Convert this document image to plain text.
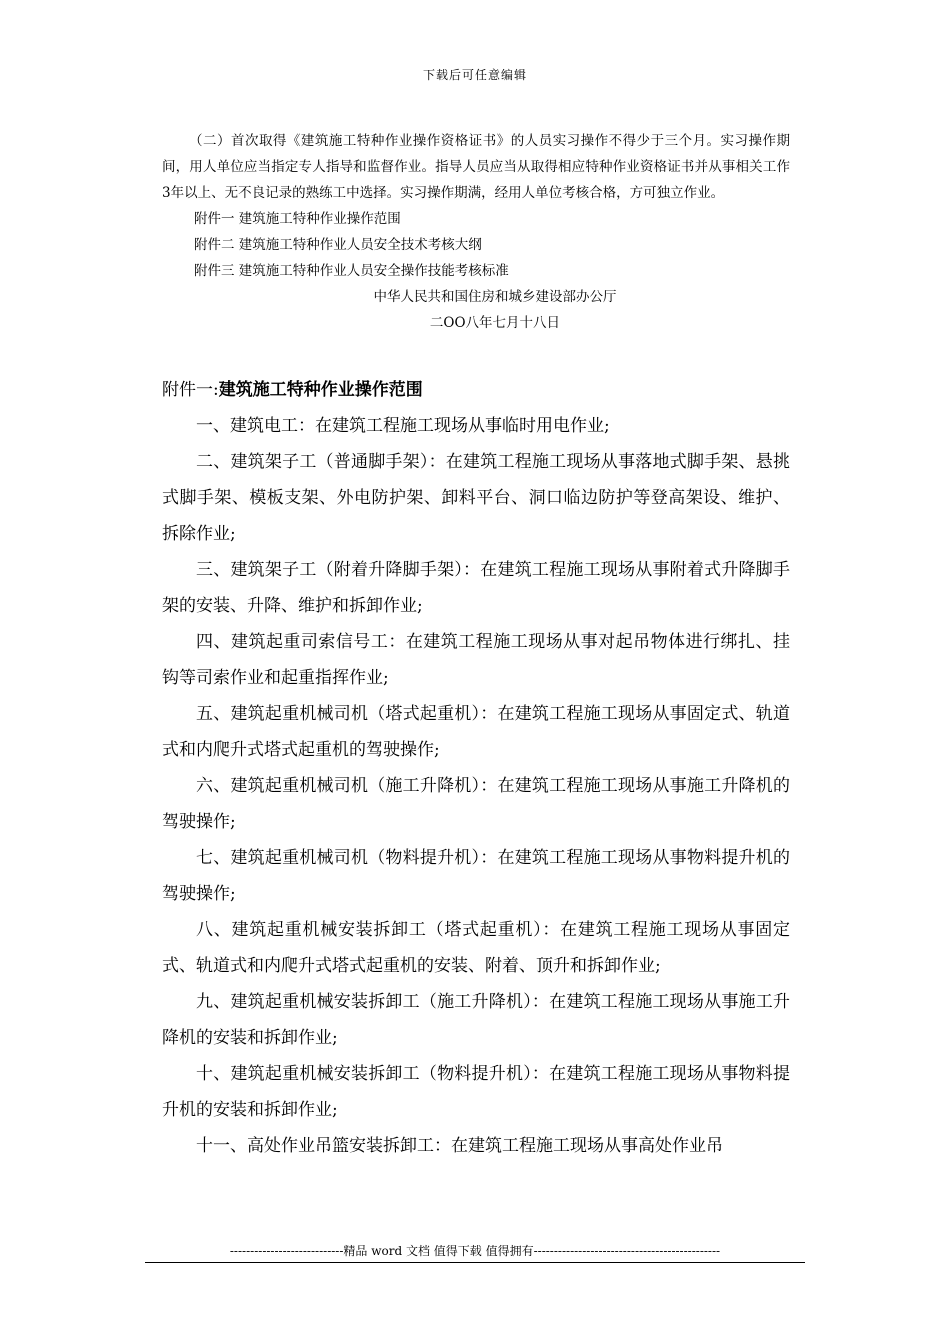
下载后可任意编辑

（二）首次取得《建筑施工特种作业操作资格证书》的人员实习操作不得少于三个月。实习操作期间，用人单位应当指定专人指导和监督作业。指导人员应当从取得相应特种作业资格证书并从事相关工作3年以上、无不良记录的熟练工中选择。实习操作期满，经用人单位考核合格，方可独立作业。

附件一 建筑施工特种作业操作范围

附件二 建筑施工特种作业人员安全技术考核大纲

附件三 建筑施工特种作业人员安全操作技能考核标准

中华人民共和国住房和城乡建设部办公厅

二OO八年七月十八日

附件一:建筑施工特种作业操作范围

一、建筑电工：在建筑工程施工现场从事临时用电作业;

二、建筑架子工（普通脚手架）：在建筑工程施工现场从事落地式脚手架、悬挑式脚手架、模板支架、外电防护架、卸料平台、洞口临边防护等登高架设、维护、拆除作业;

三、建筑架子工（附着升降脚手架）：在建筑工程施工现场从事附着式升降脚手架的安装、升降、维护和拆卸作业;

四、建筑起重司索信号工：在建筑工程施工现场从事对起吊物体进行绑扎、挂钩等司索作业和起重指挥作业;

五、建筑起重机械司机（塔式起重机）：在建筑工程施工现场从事固定式、轨道式和内爬升式塔式起重机的驾驶操作;

六、建筑起重机械司机（施工升降机）：在建筑工程施工现场从事施工升降机的驾驶操作;

七、建筑起重机械司机（物料提升机）：在建筑工程施工现场从事物料提升机的驾驶操作;

八、建筑起重机械安装拆卸工（塔式起重机）：在建筑工程施工现场从事固定式、轨道式和内爬升式塔式起重机的安装、附着、顶升和拆卸作业;

九、建筑起重机械安装拆卸工（施工升降机）：在建筑工程施工现场从事施工升降机的安装和拆卸作业;

十、建筑起重机械安装拆卸工（物料提升机）：在建筑工程施工现场从事物料提升机的安装和拆卸作业;

十一、高处作业吊篮安装拆卸工：在建筑工程施工现场从事高处作业吊

----------------------------精品 word 文档 值得下载 值得拥有----------------------------------------------
